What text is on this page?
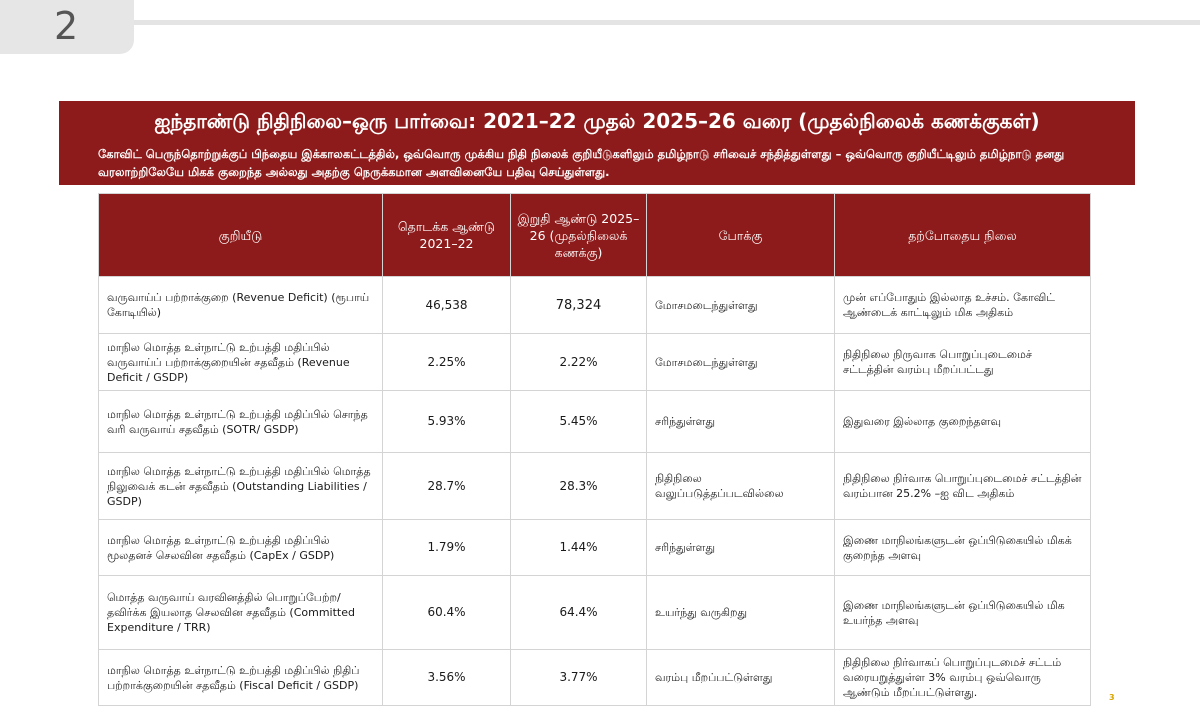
2
ஐந்தாண்டு நிதிநிலை–ஒரு பார்வை: 2021–22 முதல் 2025–26 வரை (முதல்நிலைக் கணக்குகள்)
கோவிட் பெருந்தொற்றுக்குப் பிந்தைய இக்காலகட்டத்தில், ஒவ்வொரு முக்கிய நிதி நிலைக் குறியீடுகளிலும் தமிழ்நாடு சரிவைச் சந்தித்துள்ளது – ஒவ்வொரு குறியீட்டிலும் தமிழ்நாடு தனது வரலாற்றிலேயே மிகக் குறைந்த அல்லது அதற்கு நெருக்கமான அளவினையே பதிவு செய்துள்ளது.
குறியீடு	தொடக்க ஆண்டு 2021–22	இறுதி ஆண்டு 2025–26 (முதல்நிலைக் கணக்கு)	போக்கு	தற்போதைய நிலை
வருவாய்ப் பற்றாக்குறை (Revenue Deficit) (ரூபாய் கோடியில்)	46,538	78,324	மோசமடைந்துள்ளது	முன் எப்போதும் இல்லாத உச்சம். கோவிட் ஆண்டைக் காட்டிலும் மிக அதிகம்
மாநில மொத்த உள்நாட்டு உற்பத்தி மதிப்பில் வருவாய்ப் பற்றாக்குறையின் சதவீதம் (Revenue Deficit / GSDP)	2.25%	2.22%	மோசமடைந்துள்ளது	நிதிநிலை நிருவாக பொறுப்புடைமைச் சட்டத்தின் வரம்பு மீறப்பட்டது
மாநில மொத்த உள்நாட்டு உற்பத்தி மதிப்பில் சொந்த வரி வருவாய் சதவீதம் (SOTR/ GSDP)	5.93%	5.45%	சரிந்துள்ளது	இதுவரை இல்லாத குறைந்தளவு
மாநில மொத்த உள்நாட்டு உற்பத்தி மதிப்பில் மொத்த நிலுவைக் கடன் சதவீதம் (Outstanding Liabilities / GSDP)	28.7%	28.3%	நிதிநிலை வலுப்படுத்தப்படவில்லை	நிதிநிலை நிர்வாக பொறுப்புடைமைச் சட்டத்தின் வரம்பான 25.2% –ஐ விட அதிகம்
மாநில மொத்த உள்நாட்டு உற்பத்தி மதிப்பில் மூலதனச் செலவின சதவீதம் (CapEx / GSDP)	1.79%	1.44%	சரிந்துள்ளது	இணை மாநிலங்களுடன் ஒப்பிடுகையில் மிகக் குறைந்த அளவு
மொத்த வருவாய் வரவினத்தில் பொறுப்பேற்ற/தவிர்க்க இயலாத செலவின சதவீதம் (Committed Expenditure / TRR)	60.4%	64.4%	உயர்ந்து வருகிறது	இணை மாநிலங்களுடன் ஒப்பிடுகையில் மிக உயர்ந்த அளவு
மாநில மொத்த உள்நாட்டு உற்பத்தி மதிப்பில் நிதிப் பற்றாக்குறையின் சதவீதம் (Fiscal Deficit / GSDP)	3.56%	3.77%	வரம்பு மீறப்பட்டுள்ளது	நிதிநிலை நிர்வாகப் பொறுப்புடமைச் சட்டம் வரையறுத்துள்ள 3% வரம்பு ஒவ்வொரு ஆண்டும் மீறப்பட்டுள்ளது.	3
